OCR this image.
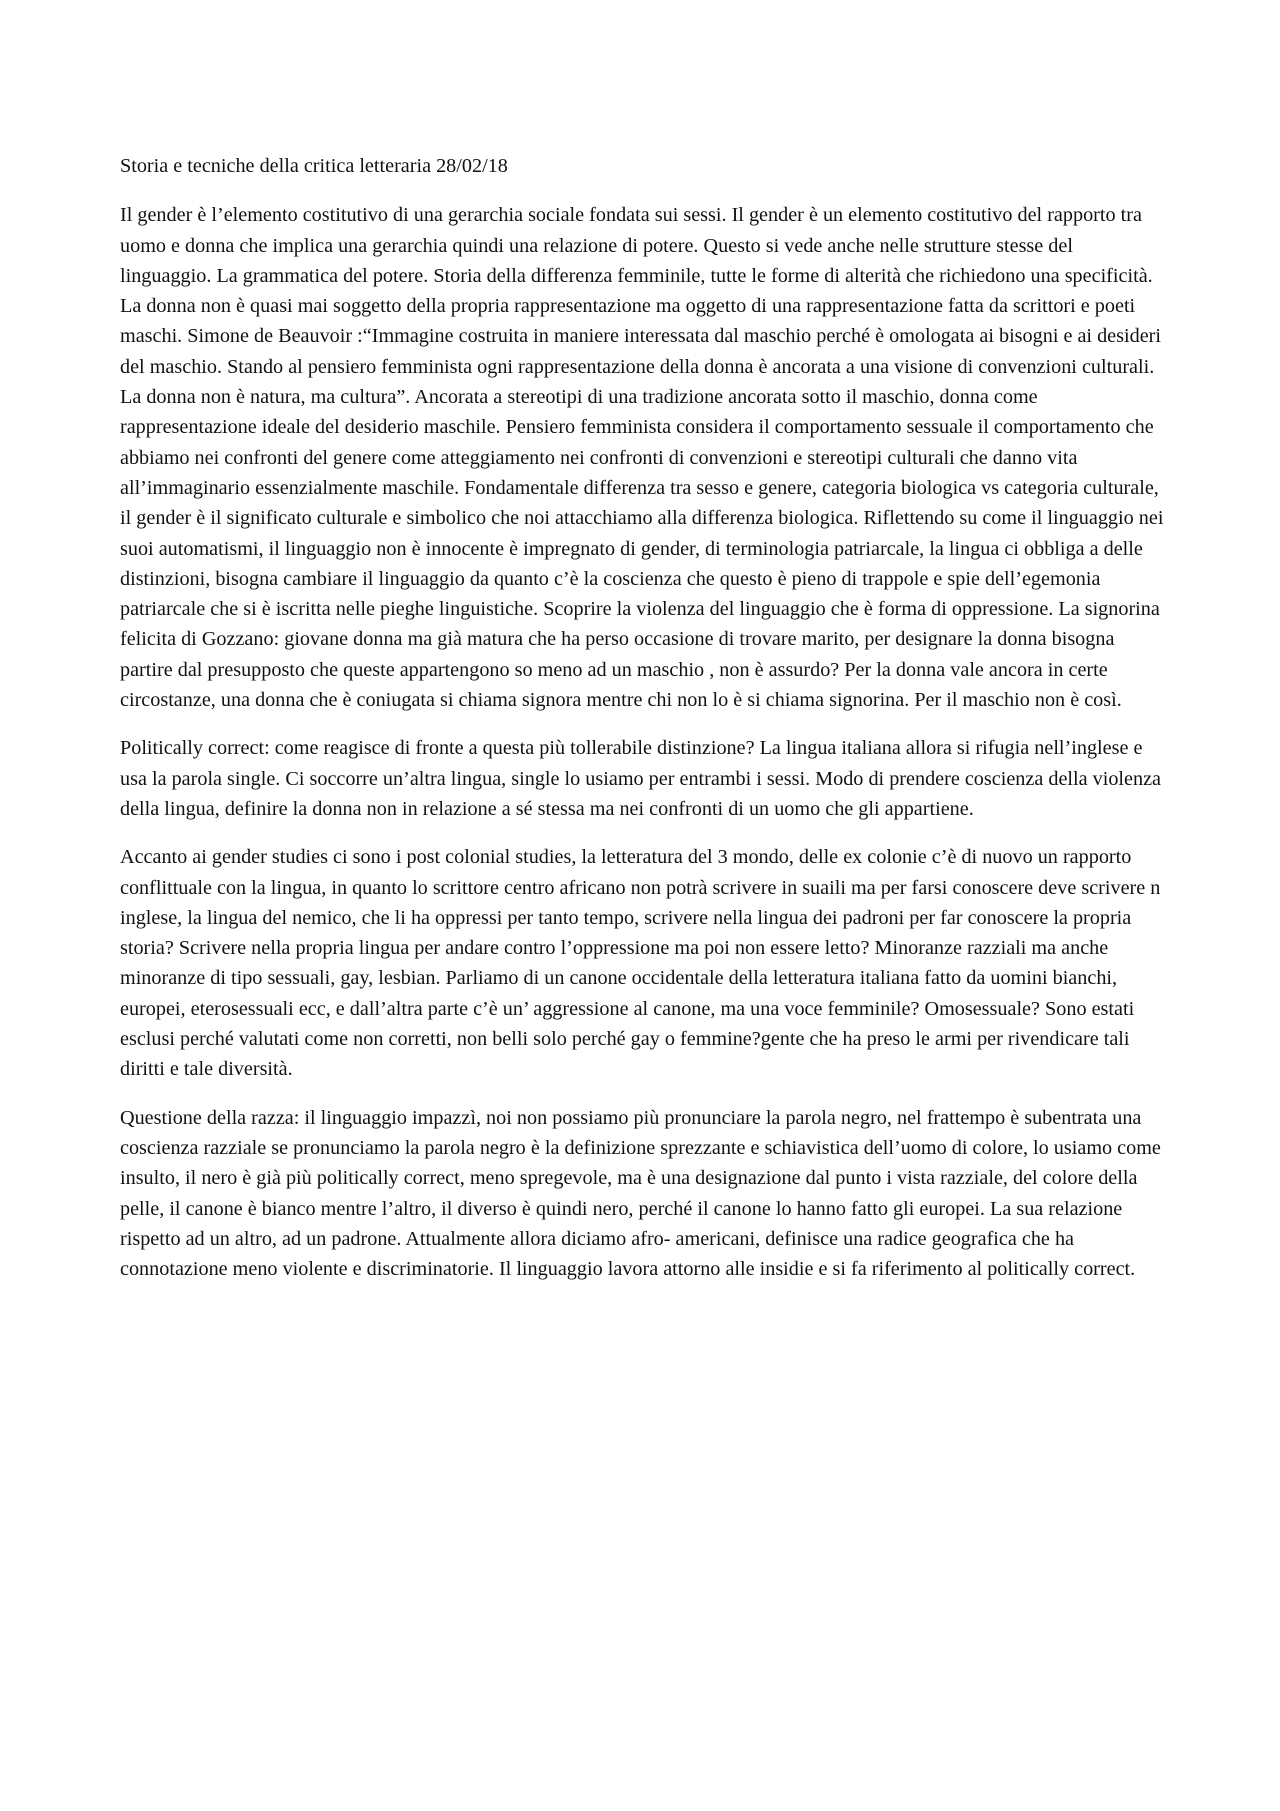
Storia e tecniche della critica letteraria 28/02/18

Il gender è l’elemento costitutivo di una gerarchia sociale fondata sui sessi. Il gender è un elemento costitutivo del rapporto tra uomo e donna che implica una gerarchia quindi una relazione di potere. Questo si vede anche nelle strutture stesse del linguaggio. La grammatica del potere. Storia della differenza femminile, tutte le forme di alterità che richiedono una specificità. La donna non è quasi mai soggetto della propria rappresentazione ma oggetto di una rappresentazione fatta da scrittori e poeti maschi. Simone de Beauvoir :“Immagine costruita in maniere interessata dal maschio perché è omologata ai bisogni e ai desideri del maschio. Stando al pensiero femminista ogni rappresentazione della donna è ancorata a una visione di convenzioni culturali. La donna non è natura, ma cultura”. Ancorata a stereotipi di una tradizione ancorata sotto il maschio, donna come rappresentazione ideale del desiderio maschile. Pensiero femminista considera il comportamento sessuale il comportamento che abbiamo nei confronti del genere come atteggiamento nei confronti di convenzioni e stereotipi culturali che danno vita all’immaginario essenzialmente maschile. Fondamentale differenza tra sesso e genere, categoria biologica vs categoria culturale, il gender è il significato culturale e simbolico che noi attacchiamo alla differenza biologica. Riflettendo su come il linguaggio nei suoi automatismi, il linguaggio non è innocente è impregnato di gender, di terminologia patriarcale, la lingua ci obbliga a delle distinzioni, bisogna cambiare il linguaggio da quanto c’è la coscienza che questo è pieno di trappole e spie dell’egemonia patriarcale che si è iscritta nelle pieghe linguistiche. Scoprire la violenza del linguaggio che è forma di oppressione. La signorina felicita di Gozzano: giovane donna ma già matura che ha perso occasione di trovare marito, per designare la donna bisogna partire dal presupposto che queste appartengono so meno ad un maschio , non è assurdo? Per la donna vale ancora in certe circostanze, una donna che è coniugata si chiama signora mentre chi non lo è si chiama signorina. Per il maschio non è così.

Politically correct: come reagisce di fronte a questa più tollerabile distinzione? La lingua italiana allora si rifugia nell’inglese e usa la parola single. Ci soccorre un’altra lingua, single lo usiamo per entrambi i sessi. Modo di prendere coscienza della violenza della lingua, definire la donna non in relazione a sé stessa ma nei confronti di un uomo che gli appartiene.

Accanto ai gender studies ci sono i post colonial studies, la letteratura del 3 mondo, delle ex colonie c’è di nuovo un rapporto conflittuale con la lingua, in quanto lo scrittore centro africano non potrà scrivere in suaili ma per farsi conoscere deve scrivere n inglese, la lingua del nemico, che li ha oppressi per tanto tempo, scrivere nella lingua dei padroni per far conoscere la propria storia? Scrivere nella propria lingua per andare contro l’oppressione ma poi non essere letto? Minoranze razziali ma anche minoranze di tipo sessuali, gay, lesbian. Parliamo di un canone occidentale della letteratura italiana fatto da uomini bianchi, europei, eterosessuali ecc, e dall’altra parte c’è un’ aggressione al canone, ma una voce femminile? Omosessuale? Sono estati esclusi perché valutati come non corretti, non belli solo perché gay o femmine?gente che ha preso le armi per rivendicare tali diritti e tale diversità.

Questione della razza: il linguaggio impazzì, noi non possiamo più pronunciare la parola negro, nel frattempo è subentrata una coscienza razziale se pronunciamo la parola negro è la definizione sprezzante e schiavistica dell’uomo di colore, lo usiamo come insulto, il nero è già più politically correct, meno spregevole, ma è una designazione dal punto i vista razziale, del colore della pelle, il canone è bianco mentre l’altro, il diverso è quindi nero, perché il canone lo hanno fatto gli europei. La sua relazione rispetto ad un altro, ad un padrone. Attualmente allora diciamo afro- americani, definisce una radice geografica che ha connotazione meno violente e discriminatorie. Il linguaggio lavora attorno alle insidie e si fa riferimento al politically correct.
